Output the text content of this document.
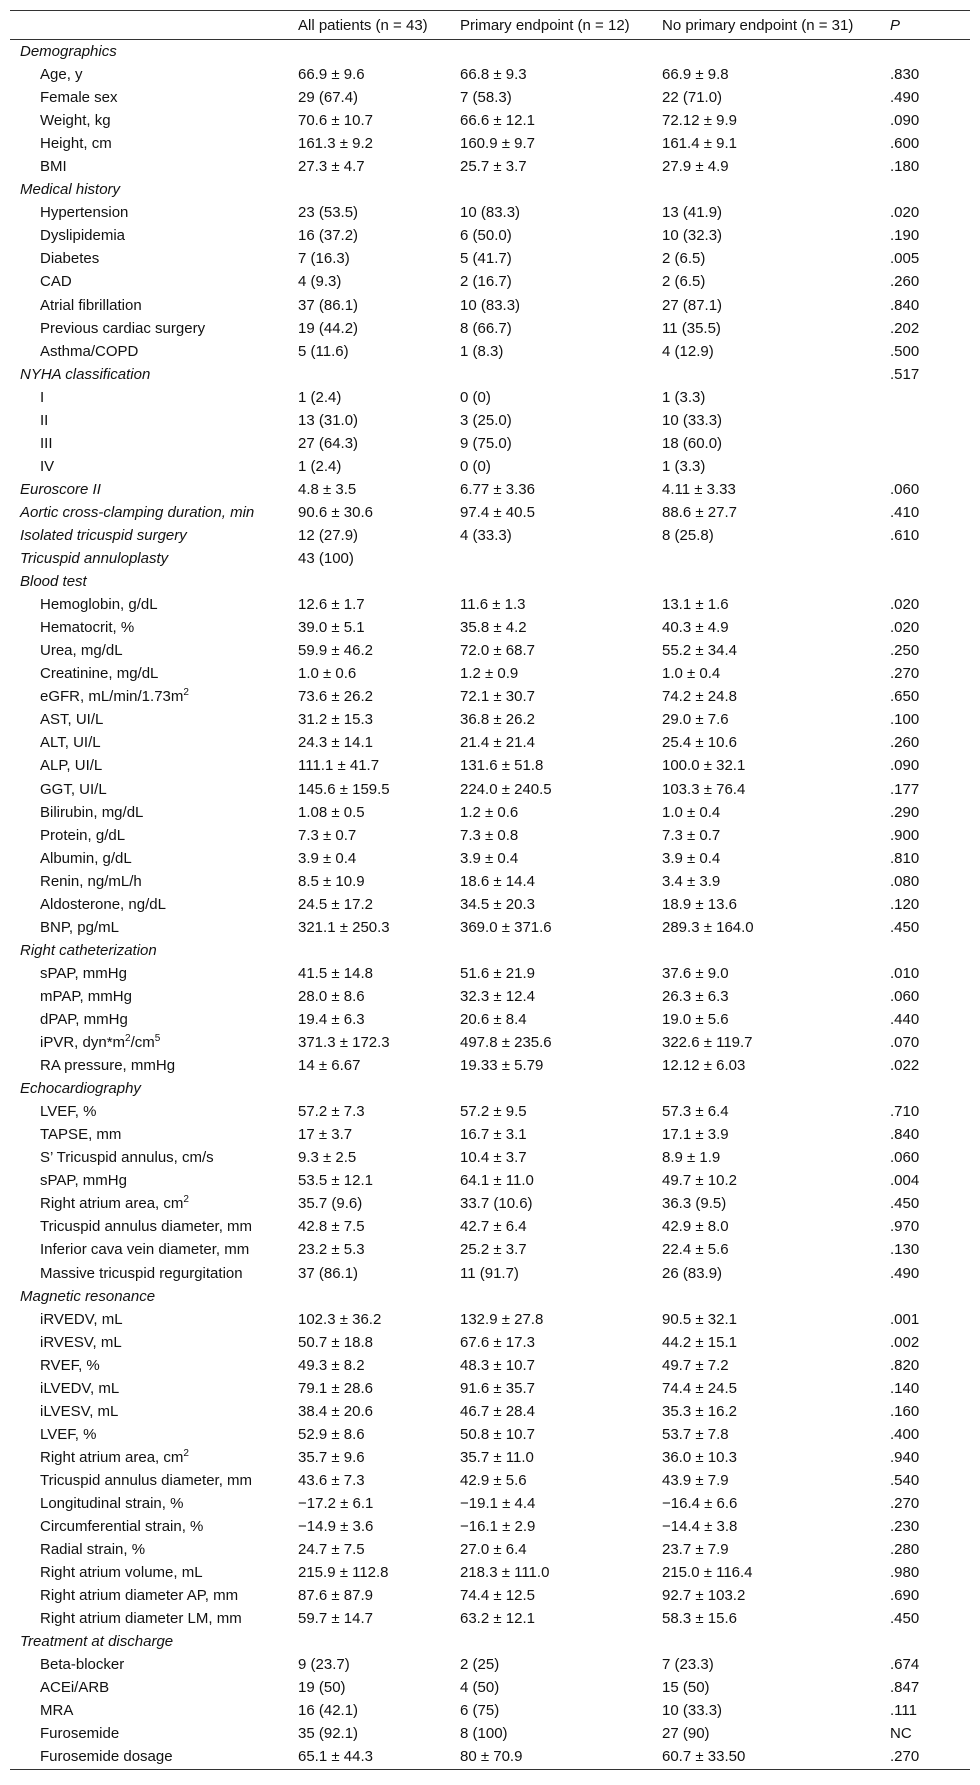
	All patients (n = 43)	Primary endpoint (n = 12)	No primary endpoint (n = 31)	P
Demographics				
Age, y	66.9 ± 9.6	66.8 ± 9.3	66.9 ± 9.8	.830
Female sex	29 (67.4)	7 (58.3)	22 (71.0)	.490
Weight, kg	70.6 ± 10.7	66.6 ± 12.1	72.12 ± 9.9	.090
Height, cm	161.3 ± 9.2	160.9 ± 9.7	161.4 ± 9.1	.600
BMI	27.3 ± 4.7	25.7 ± 3.7	27.9 ± 4.9	.180
Medical history				
Hypertension	23 (53.5)	10 (83.3)	13 (41.9)	.020
Dyslipidemia	16 (37.2)	6 (50.0)	10 (32.3)	.190
Diabetes	7 (16.3)	5 (41.7)	2 (6.5)	.005
CAD	4 (9.3)	2 (16.7)	2 (6.5)	.260
Atrial fibrillation	37 (86.1)	10 (83.3)	27 (87.1)	.840
Previous cardiac surgery	19 (44.2)	8 (66.7)	11 (35.5)	.202
Asthma/COPD	5 (11.6)	1 (8.3)	4 (12.9)	.500
NYHA classification				.517
I	1 (2.4)	0 (0)	1 (3.3)	
II	13 (31.0)	3 (25.0)	10 (33.3)	
III	27 (64.3)	9 (75.0)	18 (60.0)	
IV	1 (2.4)	0 (0)	1 (3.3)	
Euroscore II	4.8 ± 3.5	6.77 ± 3.36	4.11 ± 3.33	.060
Aortic cross-clamping duration, min	90.6 ± 30.6	97.4 ± 40.5	88.6 ± 27.7	.410
Isolated tricuspid surgery	12 (27.9)	4 (33.3)	8 (25.8)	.610
Tricuspid annuloplasty	43 (100)			
Blood test				
Hemoglobin, g/dL	12.6 ± 1.7	11.6 ± 1.3	13.1 ± 1.6	.020
Hematocrit, %	39.0 ± 5.1	35.8 ± 4.2	40.3 ± 4.9	.020
Urea, mg/dL	59.9 ± 46.2	72.0 ± 68.7	55.2 ± 34.4	.250
Creatinine, mg/dL	1.0 ± 0.6	1.2 ± 0.9	1.0 ± 0.4	.270
eGFR, $mL/\min/1.73m^2$	73.6 ± 26.2	72.1 ± 30.7	74.2 ± 24.8	.650
AST, UI/L	31.2 ± 15.3	36.8 ± 26.2	29.0 ± 7.6	.100
ALT, UI/L	24.3 ± 14.1	21.4 ± 21.4	25.4 ± 10.6	.260
ALP, UI/L	111.1 ± 41.7	131.6 ± 51.8	100.0 ± 32.1	.090
GGT, UI/L	145.6 ± 159.5	224.0 ± 240.5	103.3 ± 76.4	.177
Bilirubin, mg/dL	1.08 ± 0.5	1.2 ± 0.6	1.0 ± 0.4	.290
Protein, g/dL	7.3 ± 0.7	7.3 ± 0.8	7.3 ± 0.7	.900
Albumin, g/dL	3.9 ± 0.4	3.9 ± 0.4	3.9 ± 0.4	.810
Renin, ng/mL/h	8.5 ± 10.9	18.6 ± 14.4	3.4 ± 3.9	.080
Aldosterone, ng/dL	24.5 ± 17.2	34.5 ± 20.3	18.9 ± 13.6	.120
BNP, pg/mL	321.1 ± 250.3	369.0 ± 371.6	289.3 ± 164.0	.450
Right catheterization				
sPAP, mmHg	41.5 ± 14.8	51.6 ± 21.9	37.6 ± 9.0	.010
mPAP, mmHg	28.0 ± 8.6	32.3 ± 12.4	26.3 ± 6.3	.060
dPAP, mmHg	19.4 ± 6.3	20.6 ± 8.4	19.0 ± 5.6	.440
iPVR, $dyn*m^2/cm^5$	371.3 ± 172.3	497.8 ± 235.6	322.6 ± 119.7	.070
RA pressure, mmHg	14 ± 6.67	19.33 ± 5.79	12.12 ± 6.03	.022
Echocardiography				
LVEF, %	57.2 ± 7.3	57.2 ± 9.5	57.3 ± 6.4	.710
TAPSE, mm	17 ± 3.7	16.7 ± 3.1	17.1 ± 3.9	.840
S’ Tricuspid annulus, cm/s	9.3 ± 2.5	10.4 ± 3.7	8.9 ± 1.9	.060
sPAP, mmHg	53.5 ± 12.1	64.1 ± 11.0	49.7 ± 10.2	.004
Right atrium area, $cm^2$	35.7 (9.6)	33.7 (10.6)	36.3 (9.5)	.450
Tricuspid annulus diameter, mm	42.8 ± 7.5	42.7 ± 6.4	42.9 ± 8.0	.970
Inferior cava vein diameter, mm	23.2 ± 5.3	25.2 ± 3.7	22.4 ± 5.6	.130
Massive tricuspid regurgitation	37 (86.1)	11 (91.7)	26 (83.9)	.490
Magnetic resonance				
iRVEDV, mL	102.3 ± 36.2	132.9 ± 27.8	90.5 ± 32.1	.001
iRVESV, mL	50.7 ± 18.8	67.6 ± 17.3	44.2 ± 15.1	.002
RVEF, %	49.3 ± 8.2	48.3 ± 10.7	49.7 ± 7.2	.820
iLVEDV, mL	79.1 ± 28.6	91.6 ± 35.7	74.4 ± 24.5	.140
iLVESV, mL	38.4 ± 20.6	46.7 ± 28.4	35.3 ± 16.2	.160
LVEF, %	52.9 ± 8.6	50.8 ± 10.7	53.7 ± 7.8	.400
Right atrium area, $cm^2$	35.7 ± 9.6	35.7 ± 11.0	36.0 ± 10.3	.940
Tricuspid annulus diameter, mm	43.6 ± 7.3	42.9 ± 5.6	43.9 ± 7.9	.540
Longitudinal strain, %	−17.2 ± 6.1	−19.1 ± 4.4	−16.4 ± 6.6	.270
Circumferential strain, %	−14.9 ± 3.6	−16.1 ± 2.9	−14.4 ± 3.8	.230
Radial strain, %	24.7 ± 7.5	27.0 ± 6.4	23.7 ± 7.9	.280
Right atrium volume, mL	215.9 ± 112.8	218.3 ± 111.0	215.0 ± 116.4	.980
Right atrium diameter AP, mm	87.6 ± 87.9	74.4 ± 12.5	92.7 ± 103.2	.690
Right atrium diameter LM, mm	59.7 ± 14.7	63.2 ± 12.1	58.3 ± 15.6	.450
Treatment at discharge				
Beta-blocker	9 (23.7)	2 (25)	7 (23.3)	.674
ACEi/ARB	19 (50)	4 (50)	15 (50)	.847
MRA	16 (42.1)	6 (75)	10 (33.3)	.111
Furosemide	35 (92.1)	8 (100)	27 (90)	NC
Furosemide dosage	65.1 ± 44.3	80 ± 70.9	60.7 ± 33.50	.270
